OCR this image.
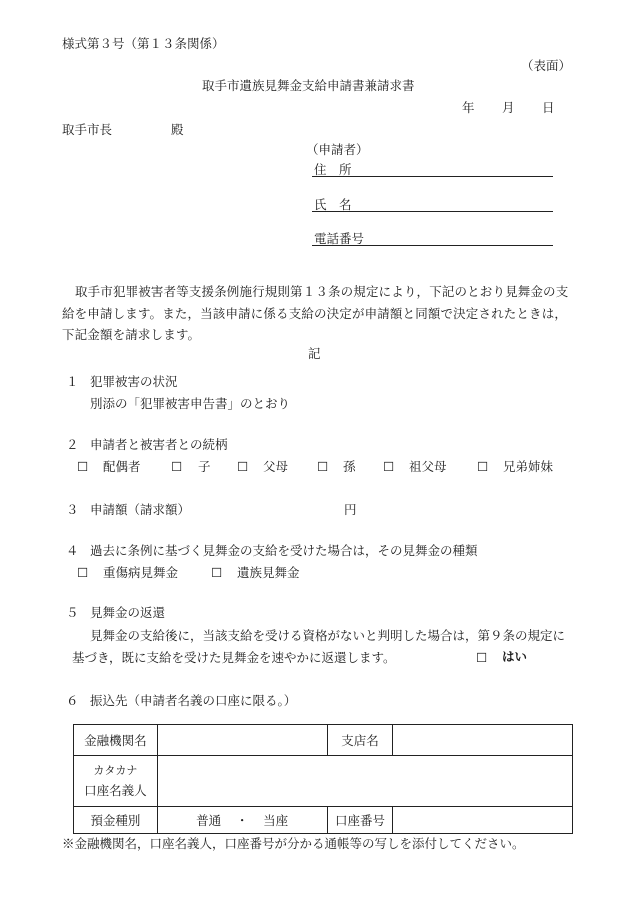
様式第３号（第１３条関係）
（表面）
取手市遺族見舞金支給申請書兼請求書
年 月 日
取手市長	殿
（申請者）
住　所
氏　名
電話番号
取手市犯罪被害者等支援条例施行規則第１３条の規定により，下記のとおり見舞金の支給を申請します。また，当該申請に係る支給の決定が申請額と同額で決定されたときは，下記金額を請求します。
記
１ 犯罪被害の状況
別添の「犯罪被害申告書」のとおり
２ 申請者と被害者との続柄
☐ 配偶者 ☐ 子 ☐ 父母 ☐ 孫 ☐ 祖父母 ☐ 兄弟姉妹
３ 申請額（請求額）	円
４ 過去に条例に基づく見舞金の支給を受けた場合は，その見舞金の種類
☐ 重傷病見舞金	☐ 遺族見舞金
５ 見舞金の返還
見舞金の支給後に，当該支給を受ける資格がないと判明した場合は，第９条の規定に基づき，既に支給を受けた見舞金を速やかに返還します。	☐ はい
６ 振込先（申請者名義の口座に限る。）
金融機関名		支店名	

カタカナ
口座名義人			

預金種別	普通 ・ 当座	口座番号	
※金融機関名，口座名義人，口座番号が分かる通帳等の写しを添付してください。
